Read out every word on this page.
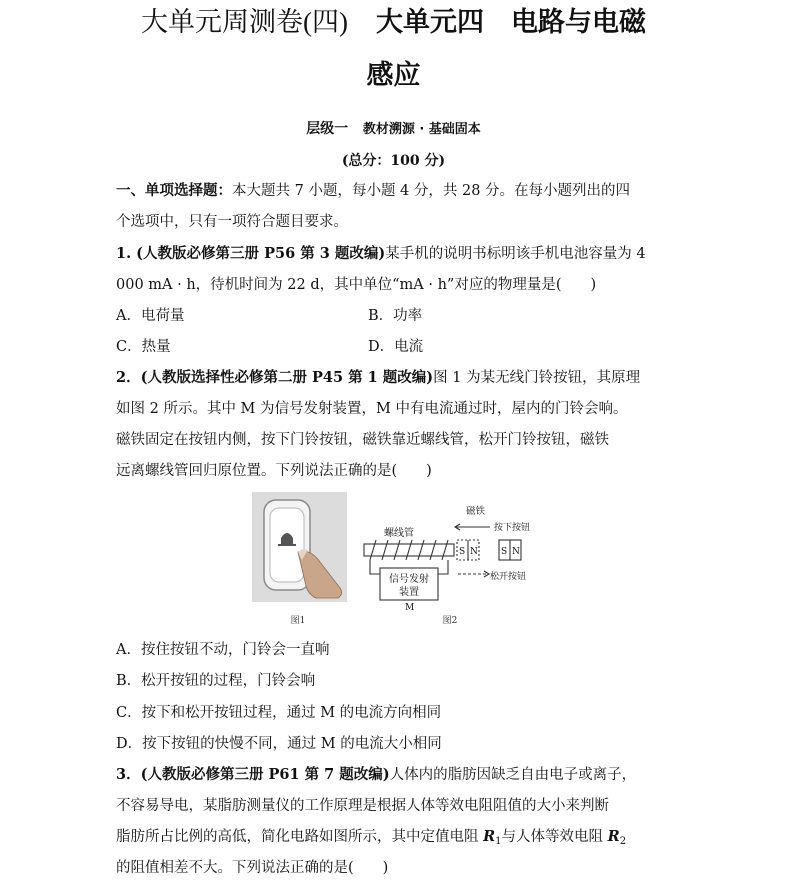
大单元周测卷(四) 大单元四　电路与电磁
感应
层级一 教材溯源 · 基础固本
(总分：100 分)
一、单项选择题：本大题共 7 小题，每小题 4 分，共 28 分。在每小题列出的四
个选项中，只有一项符合题目要求。
1. (人教版必修第三册 P56 第 3 题改编)某手机的说明书标明该手机电池容量为 4
000 mA · h，待机时间为 22 d，其中单位“mA · h”对应的物理量是(　　)
A．电荷量	B．功率
C．热量	D．电流
2．(人教版选择性必修第二册 P45 第 1 题改编)图 1 为某无线门铃按钮，其原理
如图 2 所示。其中 M 为信号发射装置，M 中有电流通过时，屋内的门铃会响。
磁铁固定在按钮内侧，按下门铃按钮，磁铁靠近螺线管，松开门铃按钮，磁铁
远离螺线管回归原位置。下列说法正确的是(　　)
图1
螺线管
磁铁
按下按钮
松开按钮
S N	S N
信号发射
装置
M
图2
A．按住按钮不动，门铃会一直响
B．松开按钮的过程，门铃会响
C．按下和松开按钮过程，通过 M 的电流方向相同
D．按下按钮的快慢不同，通过 M 的电流大小相同
3．(人教版必修第三册 P61 第 7 题改编)人体内的脂肪因缺乏自由电子或离子，
不容易导电，某脂肪测量仪的工作原理是根据人体等效电阻阻值的大小来判断
脂肪所占比例的高低，简化电路如图所示，其中定值电阻 $R_1$与人体等效电阻 $R_2$
的阻值相差不大。下列说法正确的是(　　)
